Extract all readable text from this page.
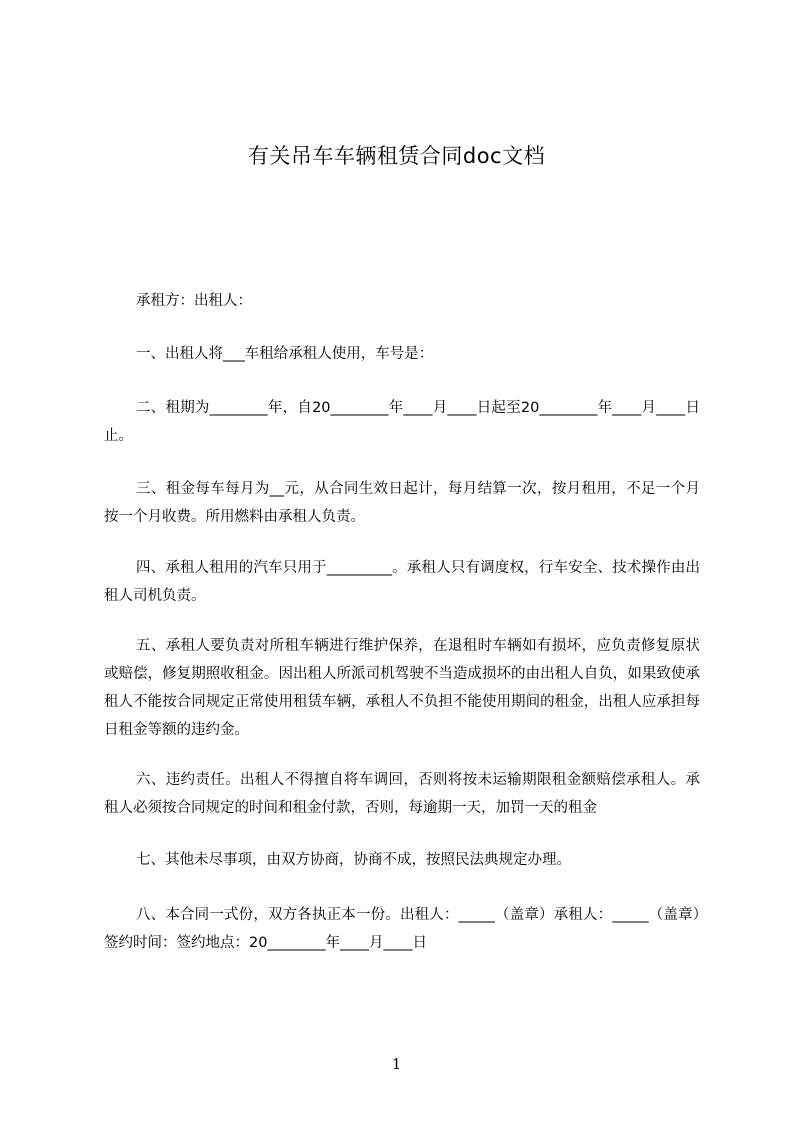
有关吊车车辆租赁合同doc文档
承租方：出租人：
一、出租人将___车租给承租人使用，车号是：
二、租期为________年，自20________年____月____日起至20________年____月____日止。
三、租金每车每月为__元，从合同生效日起计，每月结算一次，按月租用，不足一个月按一个月收费。所用燃料由承租人负责。
四、承租人租用的汽车只用于_________。承租人只有调度权，行车安全、技术操作由出租人司机负责。
五、承租人要负责对所租车辆进行维护保养，在退租时车辆如有损坏，应负责修复原状或赔偿，修复期照收租金。因出租人所派司机驾驶不当造成损坏的由出租人自负，如果致使承租人不能按合同规定正常使用租赁车辆，承租人不负担不能使用期间的租金，出租人应承担每日租金等额的违约金。
六、违约责任。出租人不得擅自将车调回，否则将按未运输期限租金额赔偿承租人。承租人必须按合同规定的时间和租金付款，否则，每逾期一天，加罚一天的租金
七、其他未尽事项，由双方协商，协商不成，按照民法典规定办理。
八、本合同一式份，双方各执正本一份。出租人：_____（盖章）承租人：_____（盖章）签约时间：签约地点：20________年____月____日
1
